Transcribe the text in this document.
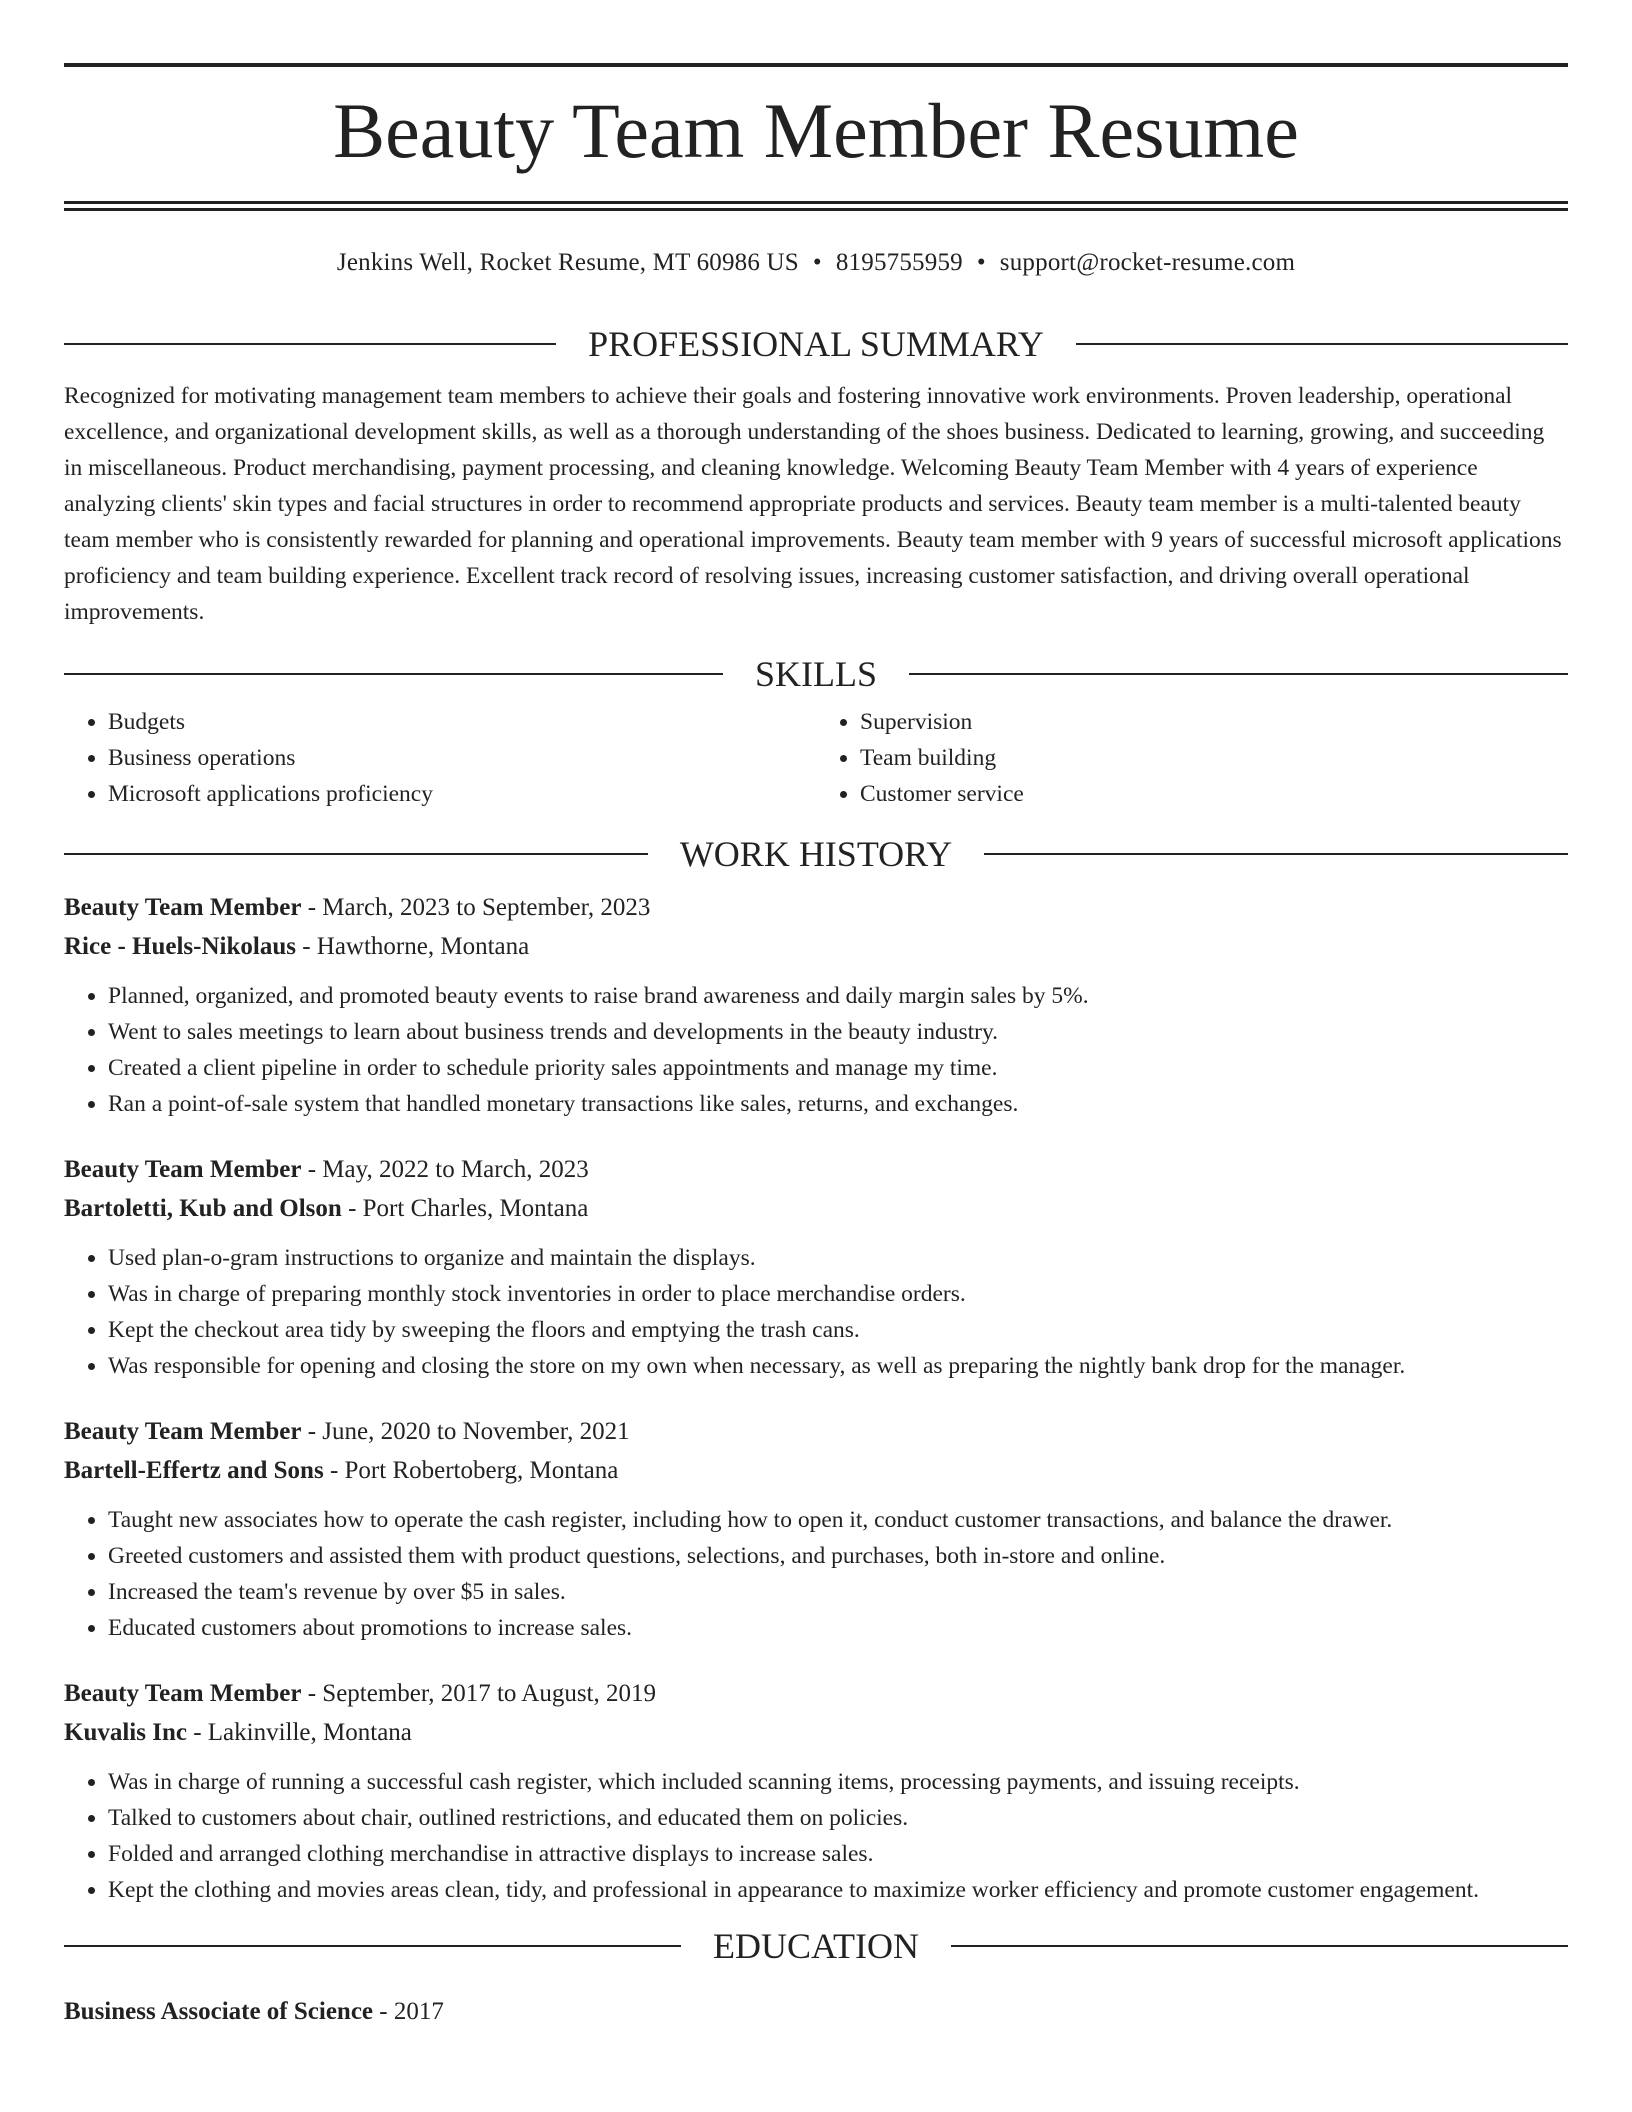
Beauty Team Member Resume
Jenkins Well, Rocket Resume, MT 60986 US • 8195755959 • support@rocket-resume.com
PROFESSIONAL SUMMARY
Recognized for motivating management team members to achieve their goals and fostering innovative work environments. Proven leadership, operational excellence, and organizational development skills, as well as a thorough understanding of the shoes business. Dedicated to learning, growing, and succeeding in miscellaneous. Product merchandising, payment processing, and cleaning knowledge. Welcoming Beauty Team Member with 4 years of experience analyzing clients' skin types and facial structures in order to recommend appropriate products and services. Beauty team member is a multi-talented beauty team member who is consistently rewarded for planning and operational improvements. Beauty team member with 9 years of successful microsoft applications proficiency and team building experience. Excellent track record of resolving issues, increasing customer satisfaction, and driving overall operational improvements.
SKILLS
• Budgets
• Business operations
• Microsoft applications proficiency
• Supervision
• Team building
• Customer service
WORK HISTORY
Beauty Team Member - March, 2023 to September, 2023
Rice - Huels-Nikolaus - Hawthorne, Montana
• Planned, organized, and promoted beauty events to raise brand awareness and daily margin sales by 5%.
• Went to sales meetings to learn about business trends and developments in the beauty industry.
• Created a client pipeline in order to schedule priority sales appointments and manage my time.
• Ran a point-of-sale system that handled monetary transactions like sales, returns, and exchanges.
Beauty Team Member - May, 2022 to March, 2023
Bartoletti, Kub and Olson - Port Charles, Montana
• Used plan-o-gram instructions to organize and maintain the displays.
• Was in charge of preparing monthly stock inventories in order to place merchandise orders.
• Kept the checkout area tidy by sweeping the floors and emptying the trash cans.
• Was responsible for opening and closing the store on my own when necessary, as well as preparing the nightly bank drop for the manager.
Beauty Team Member - June, 2020 to November, 2021
Bartell-Effertz and Sons - Port Robertoberg, Montana
• Taught new associates how to operate the cash register, including how to open it, conduct customer transactions, and balance the drawer.
• Greeted customers and assisted them with product questions, selections, and purchases, both in-store and online.
• Increased the team's revenue by over $5 in sales.
• Educated customers about promotions to increase sales.
Beauty Team Member - September, 2017 to August, 2019
Kuvalis Inc - Lakinville, Montana
• Was in charge of running a successful cash register, which included scanning items, processing payments, and issuing receipts.
• Talked to customers about chair, outlined restrictions, and educated them on policies.
• Folded and arranged clothing merchandise in attractive displays to increase sales.
• Kept the clothing and movies areas clean, tidy, and professional in appearance to maximize worker efficiency and promote customer engagement.
EDUCATION
Business Associate of Science - 2017
